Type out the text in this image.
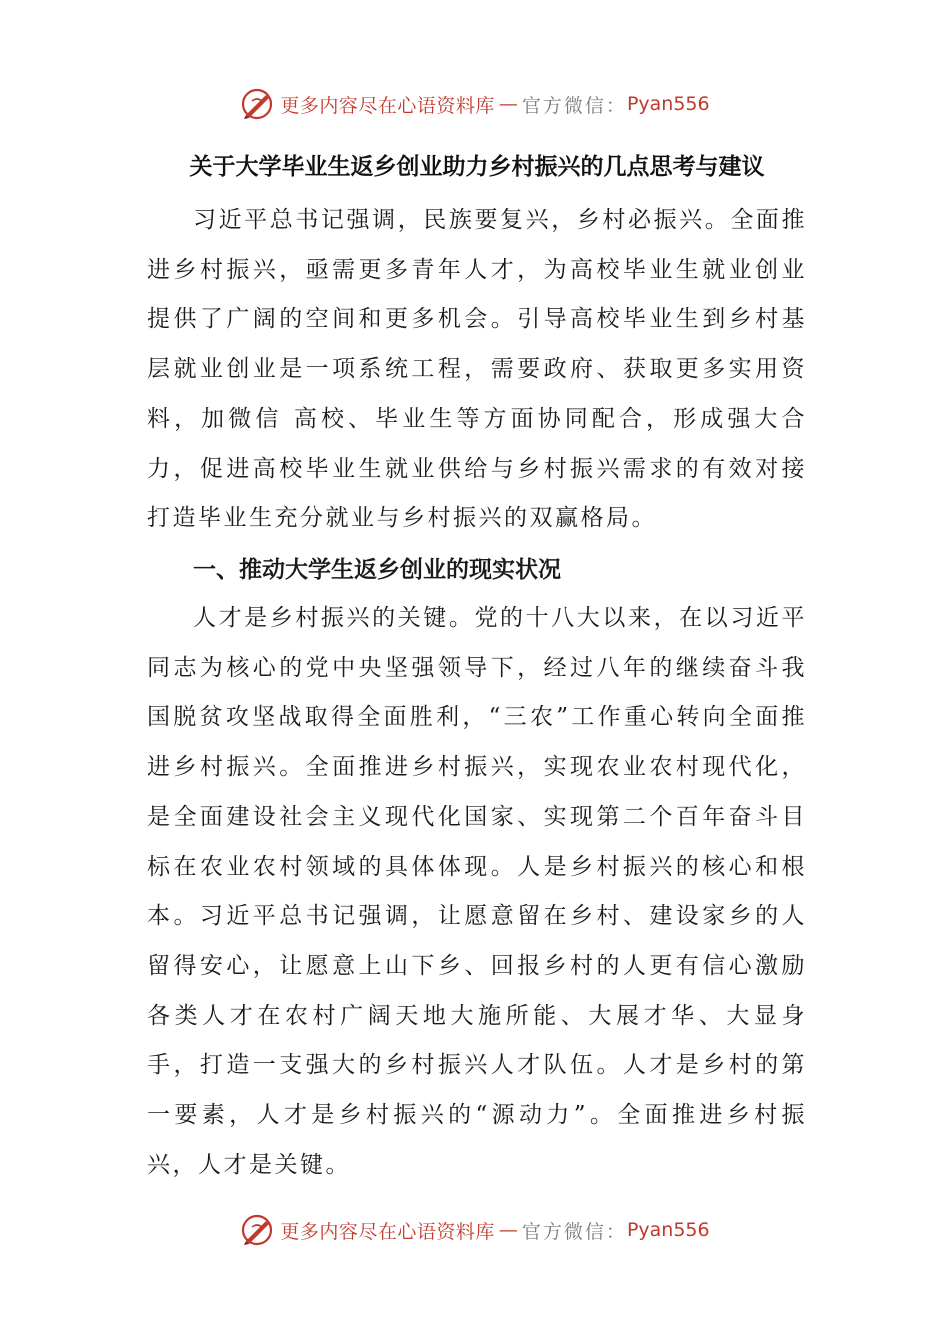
更多内容尽在心语资料库 — 官方微信： Pyan556
关于大学毕业生返乡创业助力乡村振兴的几点思考与建议

习近平总书记强调，民族要复兴，乡村必振兴。全面推进乡村振兴，亟需更多青年人才，为高校毕业生就业创业提供了广阔的空间和更多机会。引导高校毕业生到乡村基层就业创业是一项系统工程，需要政府、获取更多实用资料，加微信 高校、毕业生等方面协同配合，形成强大合力，促进高校毕业生就业供给与乡村振兴需求的有效对接打造毕业生充分就业与乡村振兴的双赢格局。

一、推动大学生返乡创业的现实状况

人才是乡村振兴的关键。党的十八大以来，在以习近平同志为核心的党中央坚强领导下，经过八年的继续奋斗我国脱贫攻坚战取得全面胜利，“三农”工作重心转向全面推进乡村振兴。全面推进乡村振兴，实现农业农村现代化，是全面建设社会主义现代化国家、实现第二个百年奋斗目标在农业农村领域的具体体现。人是乡村振兴的核心和根本。习近平总书记强调，让愿意留在乡村、建设家乡的人留得安心，让愿意上山下乡、回报乡村的人更有信心激励各类人才在农村广阔天地大施所能、大展才华、大显身手，打造一支强大的乡村振兴人才队伍。人才是乡村的第一要素，人才是乡村振兴的“源动力”。全面推进乡村振兴，人才是关键。

更多内容尽在心语资料库 — 官方微信： Pyan556
